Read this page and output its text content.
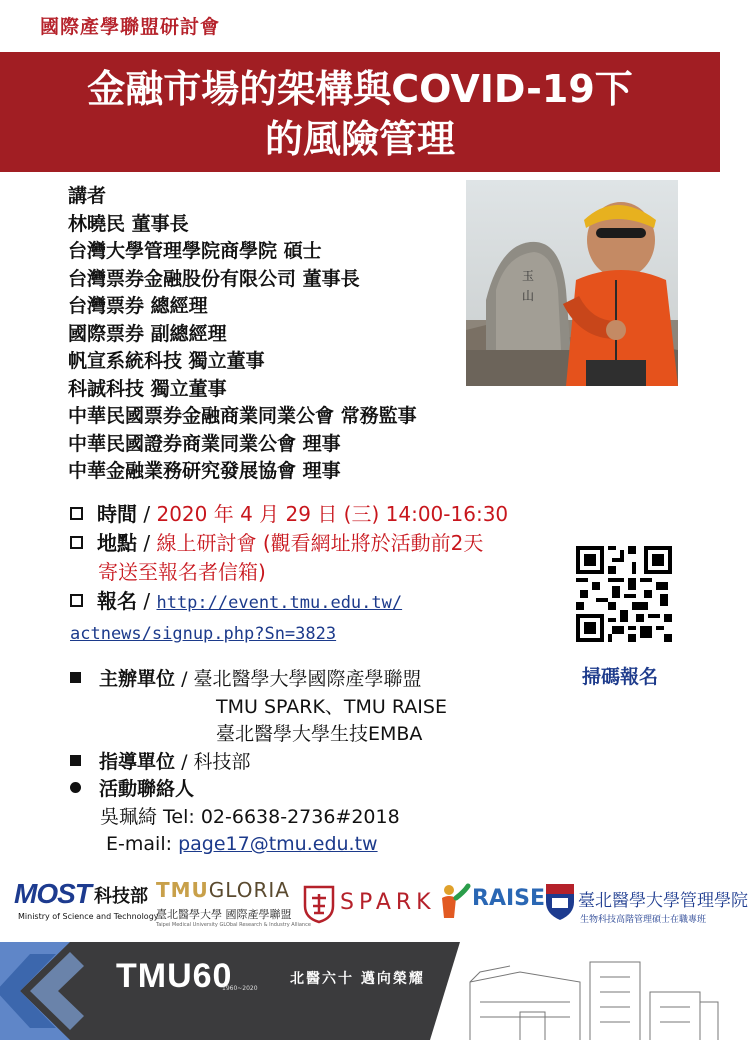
國際產學聯盟研討會
金融市場的架構與COVID-19下
的風險管理
講者
林曉民 董事長
台灣大學管理學院商學院 碩士
台灣票券金融股份有限公司 董事長
台灣票券 總經理
國際票券 副總經理
帆宣系統科技 獨立董事
科誠科技 獨立董事
中華民國票券金融商業同業公會 常務監事
中華民國證券商業同業公會 理事
中華金融業務研究發展協會 理事
玉
山
時間 / 2020 年 4 月 29 日 (三) 14:00-16:30
地點 / 線上研討會 (觀看網址將於活動前2天
寄送至報名者信箱)
報名 / http://event.tmu.edu.tw/
actnews/signup.php?Sn=3823
掃碼報名
主辦單位 / 臺北醫學大學國際產學聯盟
TMU SPARK、TMU RAISE
臺北醫學大學生技EMBA
指導單位 / 科技部
活動聯絡人
吳珮綺 Tel: 02-6638-2736#2018
E-mail: page17@tmu.edu.tw
MOST 科技部
Ministry of Science and Technology
TMUGLORIA
臺北醫學大學 國際產學聯盟
Taipei Medical University GLObal Research & Industry Alliance
SPARK RAISE 臺北醫學大學管理學院
生物科技高階管理碩士在職專班
TMU60
1960~2020
北醫六十 邁向榮耀
